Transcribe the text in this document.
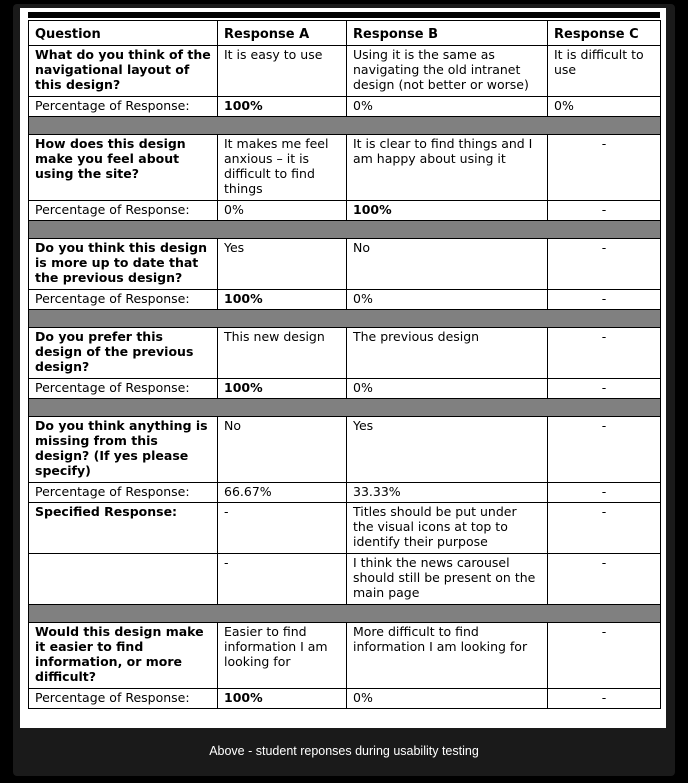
Question	Response A	Response B	Response C
What do you think of the navigational layout of this design?	It is easy to use	Using it is the same as navigating the old intranet design (not better or worse)	It is difficult to use
Percentage of Response:	100%	0%	0%

How does this design make you feel about using the site?	It makes me feel anxious – it is difficult to find things	It is clear to find things and I am happy about using it	-
Percentage of Response:	0%	100%	-

Do you think this design is more up to date that the previous design?	Yes	No	-
Percentage of Response:	100%	0%	-

Do you prefer this design of the previous design?	This new design	The previous design	-
Percentage of Response:	100%	0%	-

Do you think anything is missing from this design? (If yes please specify)	No	Yes	-
Percentage of Response:	66.67%	33.33%	-
Specified Response:	-	Titles should be put under the visual icons at top to identify their purpose	-
	-	I think the news carousel should still be present on the main page	-

Would this design make it easier to find information, or more difficult?	Easier to find information I am looking for	More difficult to find information I am looking for	-
Percentage of Response:	100%	0%	-
Above - student reponses during usability testing
